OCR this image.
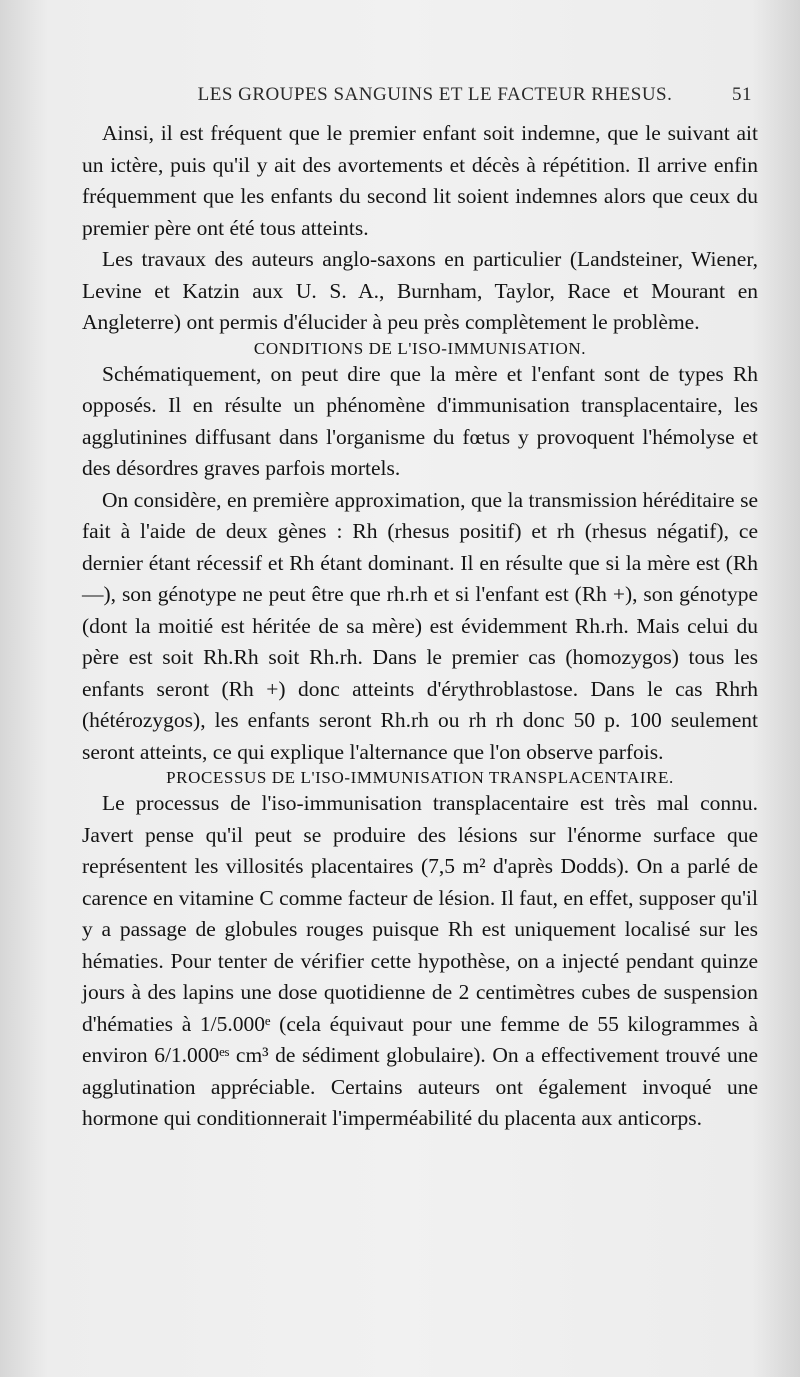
LES GROUPES SANGUINS ET LE FACTEUR RHESUS.	51

Ainsi, il est fréquent que le premier enfant soit indemne, que le suivant ait un ictère, puis qu'il y ait des avortements et décès à répétition. Il arrive enfin fréquemment que les enfants du second lit soient indemnes alors que ceux du premier père ont été tous atteints.

Les travaux des auteurs anglo-saxons en particulier (Landsteiner, Wiener, Levine et Katzin aux U. S. A., Burnham, Taylor, Race et Mourant en Angleterre) ont permis d'élucider à peu près complètement le problème.

CONDITIONS DE L'ISO-IMMUNISATION.

Schématiquement, on peut dire que la mère et l'enfant sont de types Rh opposés. Il en résulte un phénomène d'immunisation transplacentaire, les agglutinines diffusant dans l'organisme du fœtus y provoquent l'hémolyse et des désordres graves parfois mortels.

On considère, en première approximation, que la transmission héréditaire se fait à l'aide de deux gènes : Rh (rhesus positif) et rh (rhesus négatif), ce dernier étant récessif et Rh étant dominant. Il en résulte que si la mère est (Rh —), son génotype ne peut être que rh.rh et si l'enfant est (Rh +), son génotype (dont la moitié est héritée de sa mère) est évidemment Rh.rh. Mais celui du père est soit Rh.Rh soit Rh.rh. Dans le premier cas (homozygos) tous les enfants seront (Rh +) donc atteints d'érythroblastose. Dans le cas Rhrh (hétérozygos), les enfants seront Rh.rh ou rh rh donc 50 p. 100 seulement seront atteints, ce qui explique l'alternance que l'on observe parfois.

PROCESSUS DE L'ISO-IMMUNISATION TRANSPLACENTAIRE.

Le processus de l'iso-immunisation transplacentaire est très mal connu. Javert pense qu'il peut se produire des lésions sur l'énorme surface que représentent les villosités placentaires (7,5 m² d'après Dodds). On a parlé de carence en vitamine C comme facteur de lésion. Il faut, en effet, supposer qu'il y a passage de globules rouges puisque Rh est uniquement localisé sur les hématies. Pour tenter de vérifier cette hypothèse, on a injecté pendant quinze jours à des lapins une dose quotidienne de 2 centimètres cubes de suspension d'hématies à 1/5.000ᵉ (cela équivaut pour une femme de 55 kilogrammes à environ 6/1.000ᵉˢ cm³ de sédiment globulaire). On a effectivement trouvé une agglutination appréciable. Certains auteurs ont également invoqué une hormone qui conditionnerait l'imperméabilité du placenta aux anticorps.
